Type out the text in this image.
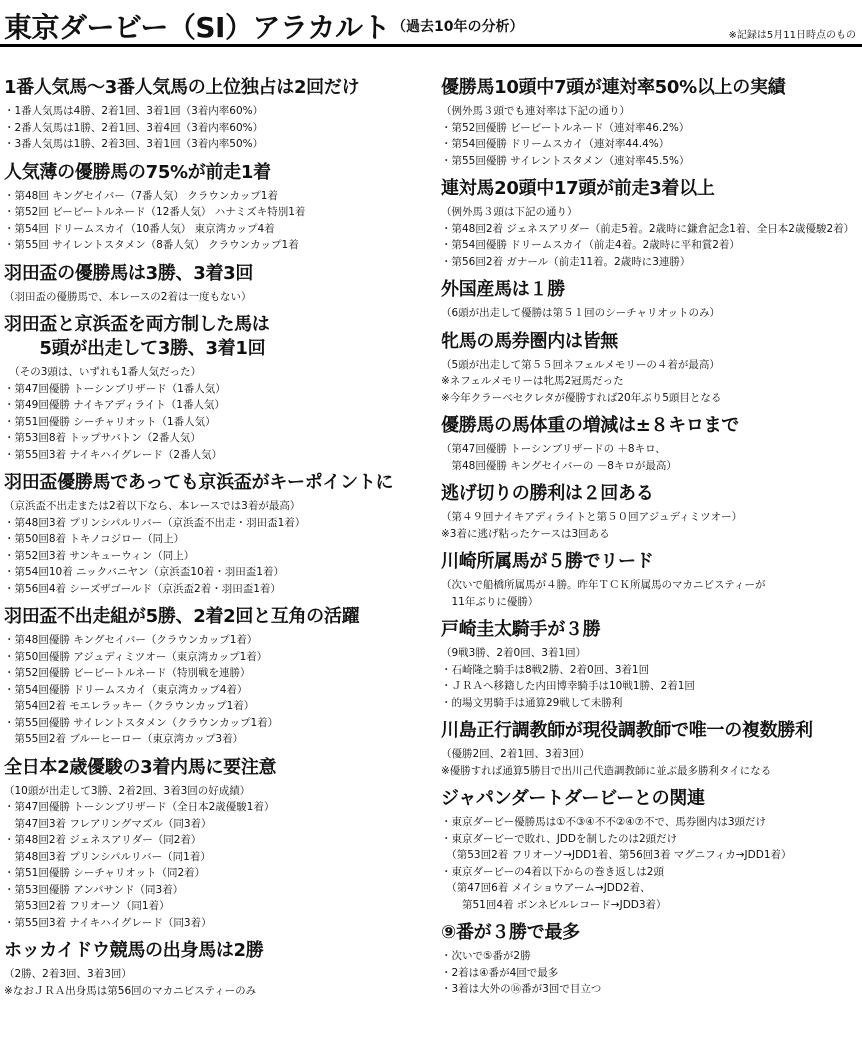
東京ダービー（SI）アラカルト （過去10年の分析）
※記録は5月11日時点のもの
1番人気馬〜3番人気馬の上位独占は2回だけ
・1番人気馬は4勝、2着1回、3着1回（3着内率60%）
・2番人気馬は1勝、2着1回、3着4回（3着内率60%）
・3番人気馬は1勝、2着3回、3着1回（3着内率50%）
人気薄の優勝馬の75%が前走1着
・第48回 キングセイバー（7番人気） クラウンカップ1着
・第52回 ビービートルネード（12番人気） ハナミズキ特別1着
・第54回 ドリームスカイ（10番人気） 東京湾カップ4着
・第55回 サイレントスタメン（8番人気） クラウンカップ1着
羽田盃の優勝馬は3勝、3着3回
（羽田盃の優勝馬で、本レースの2着は一度もない）
羽田盃と京浜盃を両方制した馬は
　　5頭が出走して3勝、3着1回
　（その3頭は、いずれも1番人気だった）
・第47回優勝 トーシンブリザード（1番人気）
・第49回優勝 ナイキアディライト（1番人気）
・第51回優勝 シーチャリオット（1番人気）
・第53回8着 トップサバトン（2番人気）
・第55回3着 ナイキハイグレード（2番人気）
羽田盃優勝馬であっても京浜盃がキーポイントに
（京浜盃不出走または2着以下なら、本レースでは3着が最高）
・第48回3着 プリンシパルリバー（京浜盃不出走・羽田盃1着）
・第50回8着 トキノコジロー（同上）
・第52回3着 サンキューウィン（同上）
・第54回10着 ニックバニヤン（京浜盃10着・羽田盃1着）
・第56回4着 シーズザゴールド（京浜盃2着・羽田盃1着）
羽田盃不出走組が5勝、2着2回と互角の活躍
・第48回優勝 キングセイバー（クラウンカップ1着）
・第50回優勝 アジュディミツオー（東京湾カップ1着）
・第52回優勝 ビービートルネード（特別戦を連勝）
・第54回優勝 ドリームスカイ（東京湾カップ4着）
　第54回2着 モエレラッキー（クラウンカップ1着）
・第55回優勝 サイレントスタメン（クラウンカップ1着）
　第55回2着 ブルーヒーロー（東京湾カップ3着）
全日本2歳優駿の3着内馬に要注意
（10頭が出走して3勝、2着2回、3着3回の好成績）
・第47回優勝 トーシンブリザード（全日本2歳優駿1着）
　第47回3着 フレアリングマズル（同3着）
・第48回2着 ジェネスアリダー（同2着）
　第48回3着 プリンシパルリバー（同1着）
・第51回優勝 シーチャリオット（同2着）
・第53回優勝 アンパサンド（同3着）
　第53回2着 フリオーソ（同1着）
・第55回3着 ナイキハイグレード（同3着）
ホッカイドウ競馬の出身馬は2勝
（2勝、2着3回、3着3回）
※なおＪＲＡ出身馬は第56回のマカニビスティーのみ
優勝馬10頭中7頭が連対率50%以上の実績
（例外馬３頭でも連対率は下記の通り）
・第52回優勝 ビービートルネード（連対率46.2%）
・第54回優勝 ドリームスカイ（連対率44.4%）
・第55回優勝 サイレントスタメン（連対率45.5%）
連対馬20頭中17頭が前走3着以上
（例外馬３頭は下記の通り）
・第48回2着 ジェネスアリダー（前走5着。2歳時に鎌倉記念1着、全日本2歳優駿2着）
・第54回優勝 ドリームスカイ（前走4着。2歳時に平和賞2着）
・第56回2着 ガナール（前走11着。2歳時に3連勝）
外国産馬は１勝
（6頭が出走して優勝は第５１回のシーチャリオットのみ）
牝馬の馬券圏内は皆無
（5頭が出走して第５５回ネフェルメモリーの４着が最高）
※ネフェルメモリーは牝馬2冠馬だった
※今年クラーベセクレタが優勝すれば20年ぶり5頭目となる
優勝馬の馬体重の増減は±８キロまで
（第47回優勝 トーシンブリザードの ＋8キロ、
　第48回優勝 キングセイバーの －8キロが最高）
逃げ切りの勝利は２回ある
（第４９回ナイキアディライトと第５０回アジュディミツオー）
※3着に逃げ粘ったケースは3回ある
川崎所属馬が５勝でリード
（次いで船橋所属馬が４勝。昨年ＴＣＫ所属馬のマカニビスティーが
　11年ぶりに優勝）
戸崎圭太騎手が３勝
（9戦3勝、2着0回、3着1回）
・石崎隆之騎手は8戦2勝、2着0回、3着1回
・ＪＲＡへ移籍した内田博幸騎手は10戦1勝、2着1回
・的場文男騎手は通算29戦して未勝利
川島正行調教師が現役調教師で唯一の複数勝利
（優勝2回、2着1回、3着3回）
※優勝すれば通算5勝目で出川己代造調教師に並ぶ最多勝利タイになる
ジャパンダートダービーとの関連
・東京ダービー優勝馬は①不③④不不②④⑦不で、馬券圏内は3頭だけ
・東京ダービーで敗れ、JDDを制したのは2頭だけ
　（第53回2着 フリオーソ→JDD1着、第56回3着 マグニフィカ→JDD1着）
・東京ダービーの4着以下からの巻き返しは2頭
　（第47回6着 メイショウアーム→JDD2着、
　　第51回4着 ボンネビルレコード→JDD3着）
⑨番が３勝で最多
・次いで⑤番が2勝
・2着は④番が4回で最多
・3着は大外の⑯番が3回で目立つ
